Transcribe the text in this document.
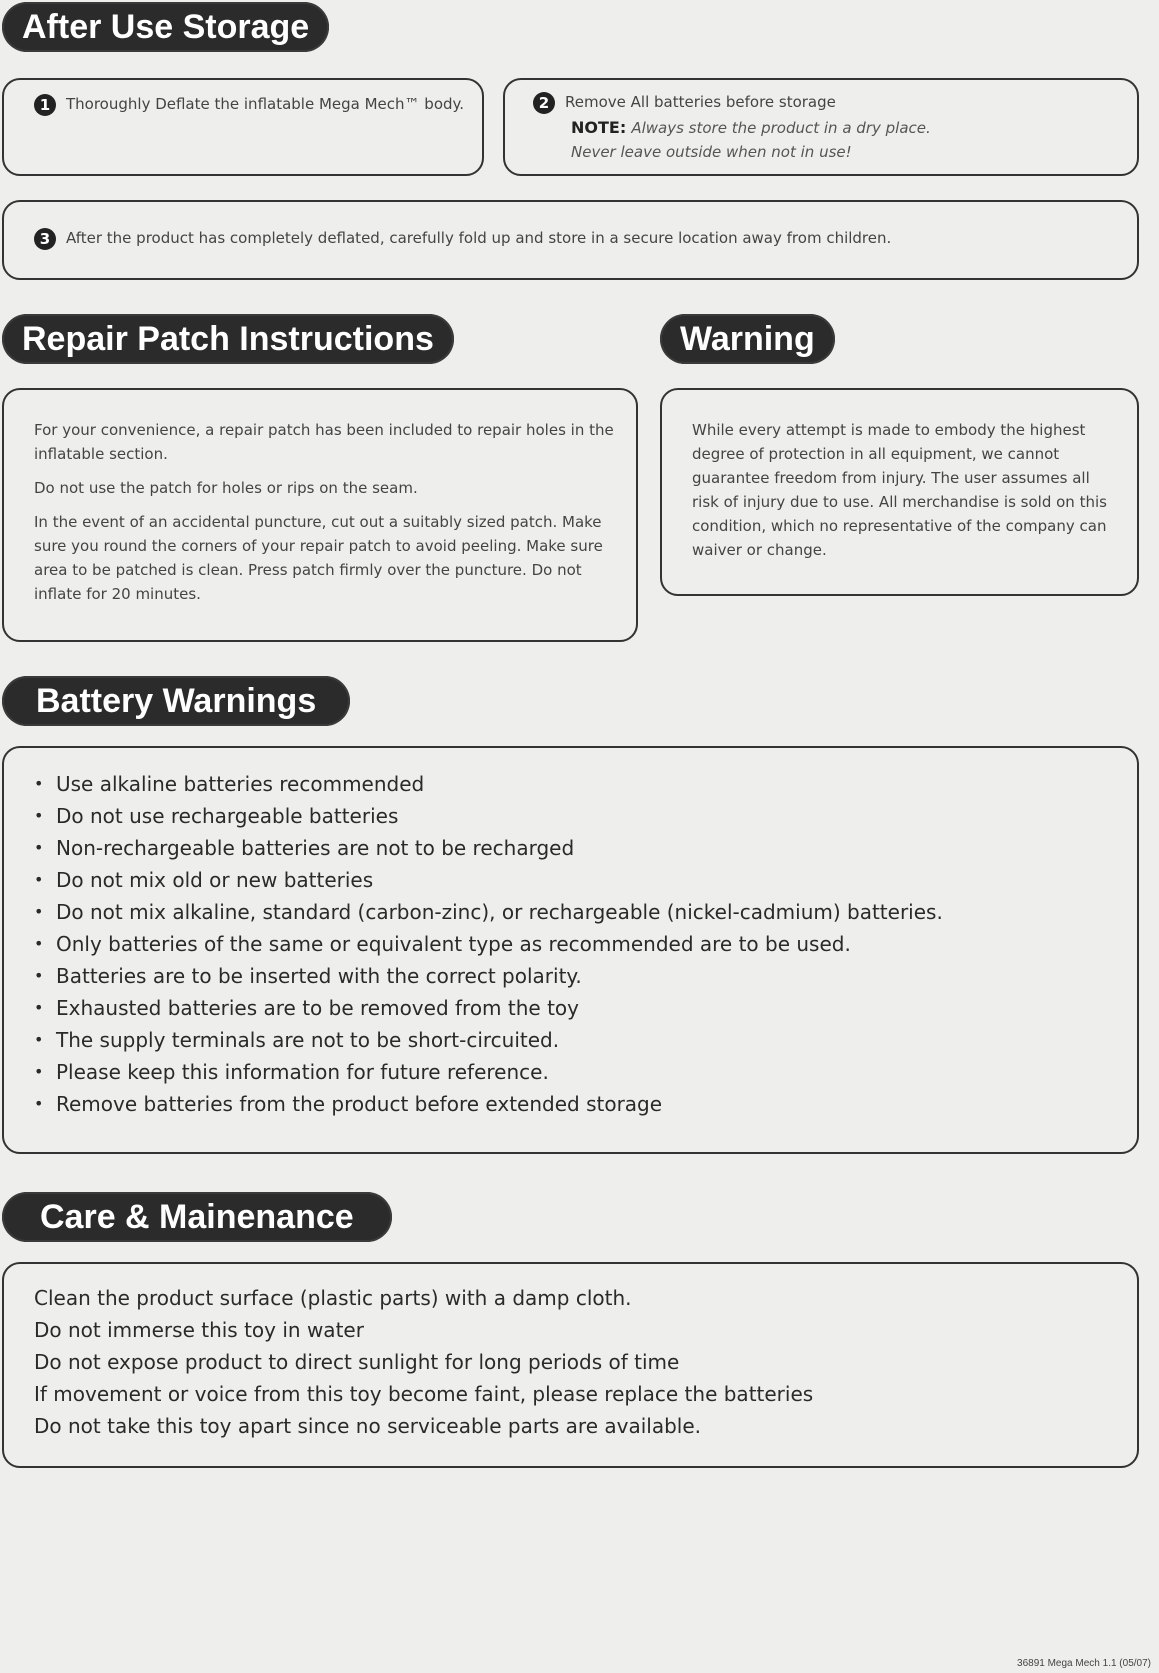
After Use Storage
1 Thoroughly Deflate the inflatable Mega Mech™ body.	2 Remove All batteries before storage
NOTE: Always store the product in a dry place. Never leave outside when not in use!
3 After the product has completely deflated, carefully fold up and store in a secure location away from children.
Repair Patch Instructions

For your convenience, a repair patch has been included to repair holes in the inflatable section.

Do not use the patch for holes or rips on the seam.

In the event of an accidental puncture, cut out a suitably sized patch. Make sure you round the corners of your repair patch to avoid peeling. Make sure area to be patched is clean. Press patch firmly over the puncture. Do not inflate for 20 minutes.

Warning

While every attempt is made to embody the highest degree of protection in all equipment, we cannot guarantee freedom from injury. The user assumes all risk of injury due to use. All merchandise is sold on this condition, which no representative of the company can waiver or change.

Battery Warnings
• Use alkaline batteries recommended
• Do not use rechargeable batteries
• Non-rechargeable batteries are not to be recharged
• Do not mix old or new batteries
• Do not mix alkaline, standard (carbon-zinc), or rechargeable (nickel-cadmium) batteries.
• Only batteries of the same or equivalent type as recommended are to be used.
• Batteries are to be inserted with the correct polarity.
• Exhausted batteries are to be removed from the toy
• The supply terminals are not to be short-circuited.
• Please keep this information for future reference.
• Remove batteries from the product before extended storage
Care & Mainenance
Clean the product surface (plastic parts) with a damp cloth.
Do not immerse this toy in water
Do not expose product to direct sunlight for long periods of time
If movement or voice from this toy become faint, please replace the batteries
Do not take this toy apart since no serviceable parts are available.
36891 Mega Mech 1.1 (05/07)
